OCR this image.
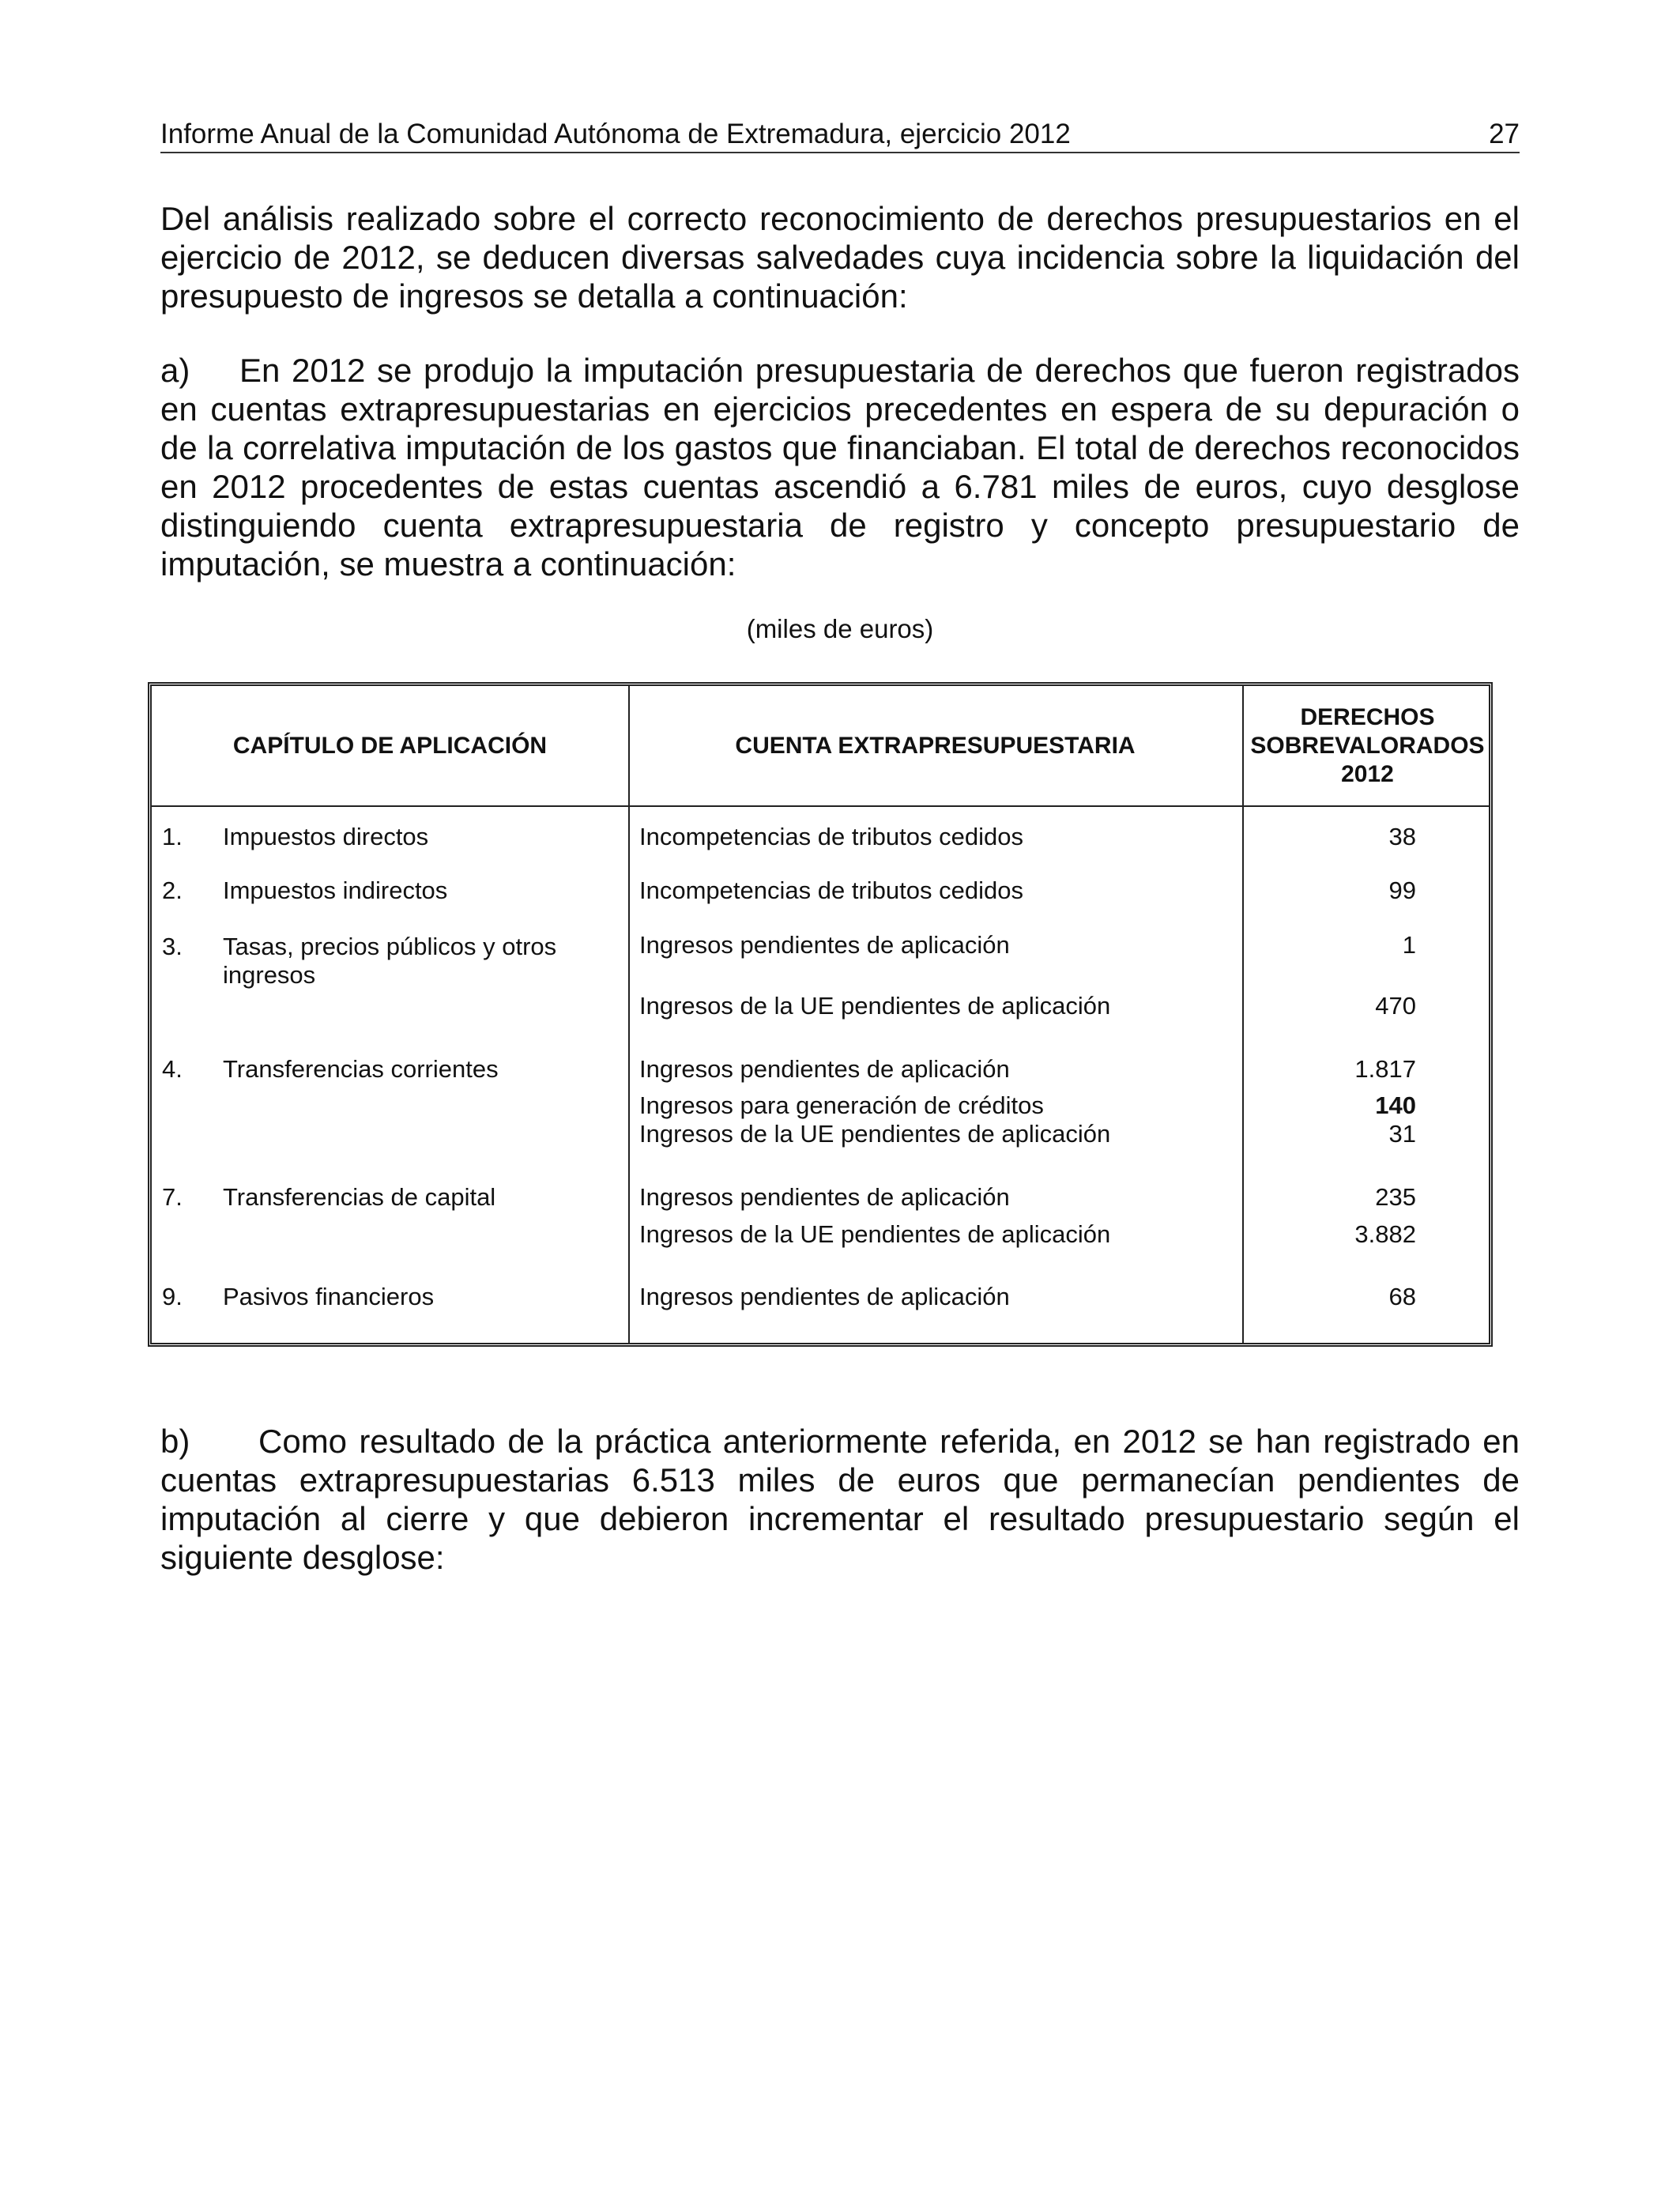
Informe Anual de la Comunidad Autónoma de Extremadura, ejercicio 2012	27

Del análisis realizado sobre el correcto reconocimiento de derechos presupuestarios en el ejercicio de 2012, se deducen diversas salvedades cuya incidencia sobre la liquidación del presupuesto de ingresos se detalla a continuación:

a) En 2012 se produjo la imputación presupuestaria de derechos que fueron registrados en cuentas extrapresupuestarias en ejercicios precedentes en espera de su depuración o de la correlativa imputación de los gastos que financiaban. El total de derechos reconocidos en 2012 procedentes de estas cuentas ascendió a 6.781 miles de euros, cuyo desglose distinguiendo cuenta extrapresupuestaria de registro y concepto presupuestario de imputación, se muestra a continuación:

(miles de euros)
CAPÍTULO DE APLICACIÓN	CUENTA EXTRAPRESUPUESTARIA
DERECHOS
SOBREVALORADOS
2012
1. Impuestos directos	Incompetencias de tributos cedidos	38
2. Impuestos indirectos	Incompetencias de tributos cedidos	99
3. Tasas, precios públicos y otros ingresos
Ingresos pendientes de aplicación	1
Ingresos de la UE pendientes de aplicación	470
4. Transferencias corrientes	Ingresos pendientes de aplicación	1.817
Ingresos para generación de créditos	140
Ingresos de la UE pendientes de aplicación	31
7. Transferencias de capital	Ingresos pendientes de aplicación	235
Ingresos de la UE pendientes de aplicación	3.882
9. Pasivos financieros	Ingresos pendientes de aplicación	68

b) Como resultado de la práctica anteriormente referida, en 2012 se han registrado en cuentas extrapresupuestarias 6.513 miles de euros que permanecían pendientes de imputación al cierre y que debieron incrementar el resultado presupuestario según el siguiente desglose:
